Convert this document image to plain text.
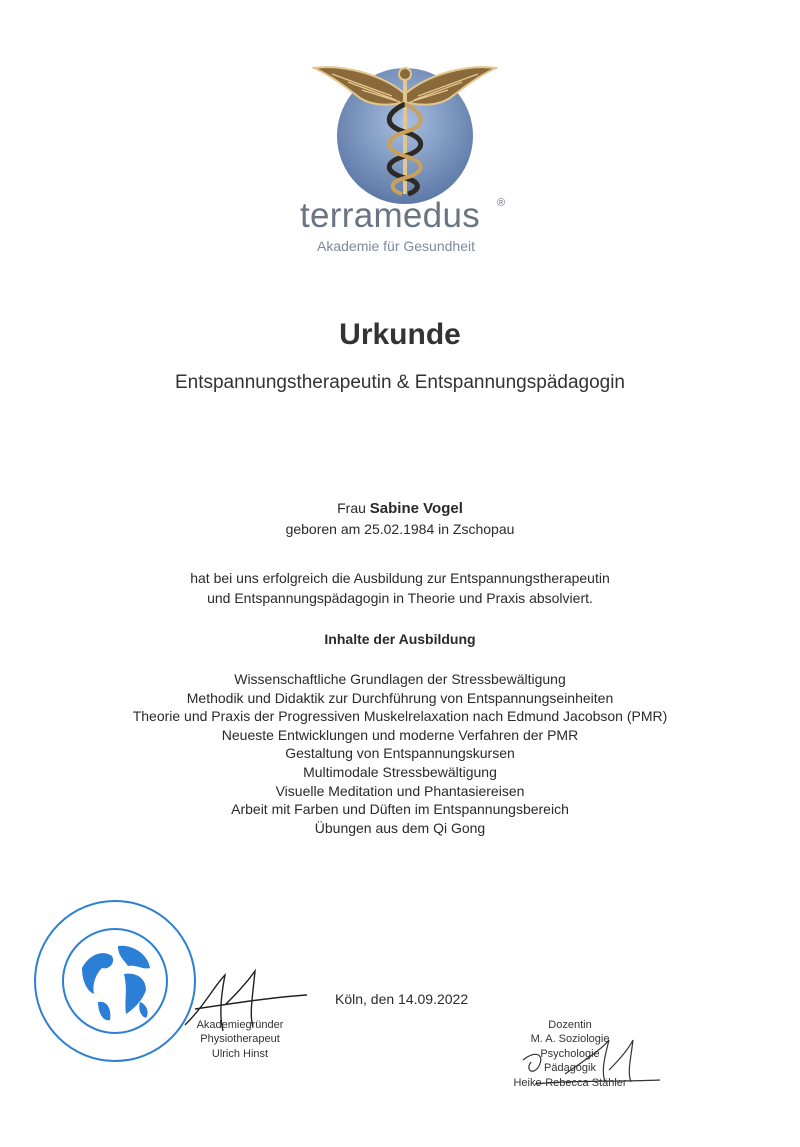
terramedus	®
Akademie für Gesundheit
Urkunde
Entspannungstherapeutin & Entspannungspädagogin
Frau Sabine Vogel
geboren am 25.02.1984 in Zschopau
hat bei uns erfolgreich die Ausbildung zur Entspannungstherapeutin
und Entspannungspädagogin in Theorie und Praxis absolviert.
Inhalte der Ausbildung
Wissenschaftliche Grundlagen der Stressbewältigung
Methodik und Didaktik zur Durchführung von Entspannungseinheiten
Theorie und Praxis der Progressiven Muskelrelaxation nach Edmund Jacobson (PMR)
Neueste Entwicklungen und moderne Verfahren der PMR
Gestaltung von Entspannungskursen
Multimodale Stressbewältigung
Visuelle Meditation und Phantasiereisen
Arbeit mit Farben und Düften im Entspannungsbereich
Übungen aus dem Qi Gong
Köln, den 14.09.2022
Akademiegründer
Physiotherapeut
Ulrich Hinst
Dozentin
M. A. Soziologie
Psychologie
Pädagogik
Heike-Rebecca Stähler
